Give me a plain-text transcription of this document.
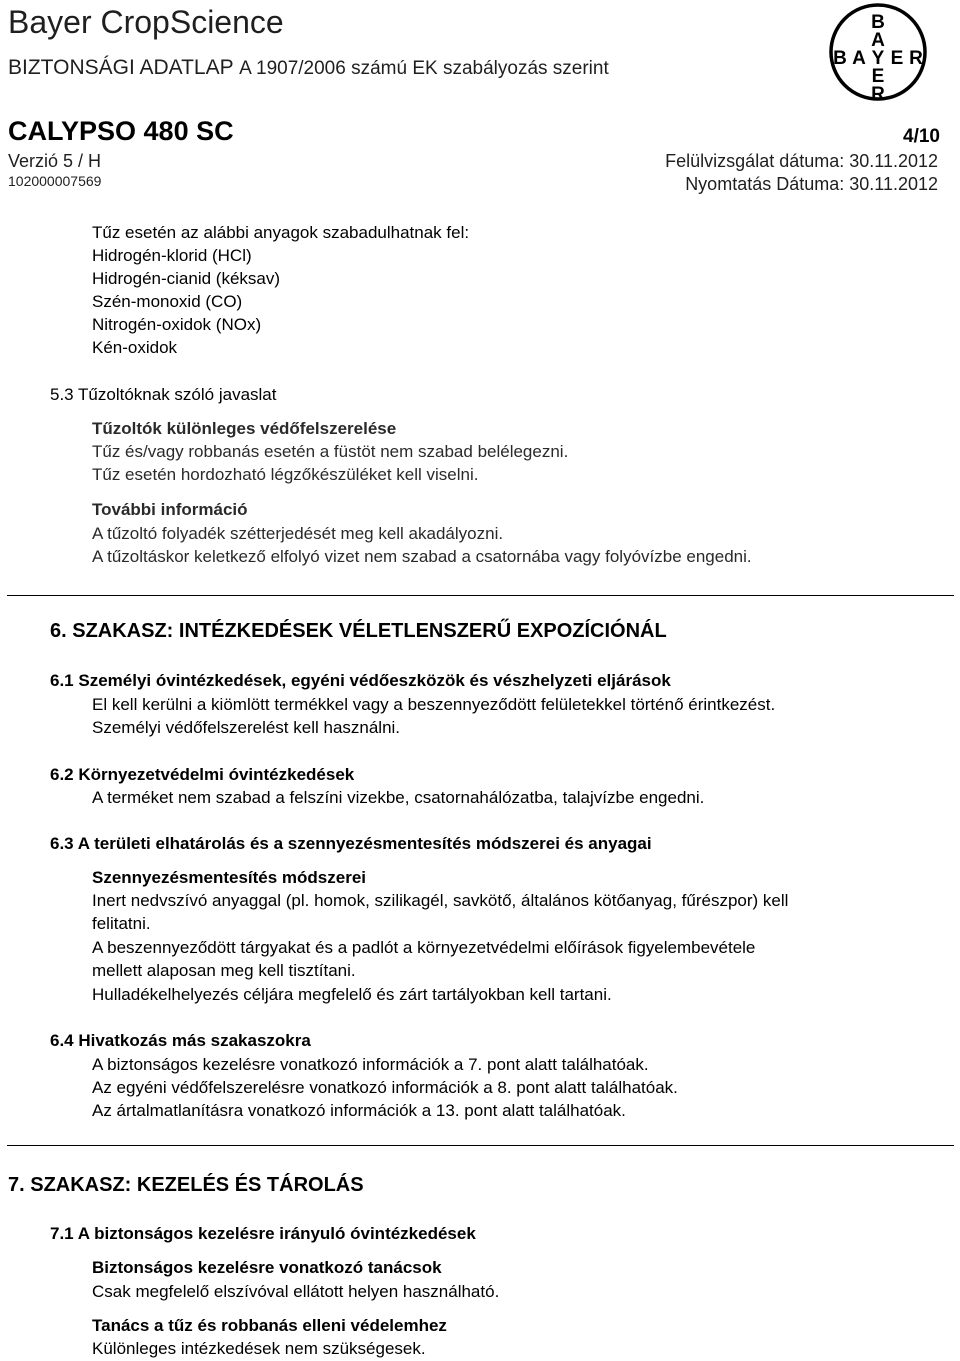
Bayer CropScience
BIZTONSÁGI ADATLAP A 1907/2006 számú EK szabályozás szerint
B
A
Y
E
R
B A E R
CALYPSO 480 SC	4/10
Verzió 5 / H	Felülvizsgálat dátuma: 30.11.2012
102000007569	Nyomtatás Dátuma: 30.11.2012
Tűz esetén az alábbi anyagok szabadulhatnak fel:
Hidrogén-klorid (HCl)
Hidrogén-cianid (kéksav)
Szén-monoxid (CO)
Nitrogén-oxidok (NOx)
Kén-oxidok
5.3 Tűzoltóknak szóló javaslat
Tűzoltók különleges védőfelszerelése
Tűz és/vagy robbanás esetén a füstöt nem szabad belélegezni.
Tűz esetén hordozható légzőkészüléket kell viselni.
További információ
A tűzoltó folyadék szétterjedését meg kell akadályozni.
A tűzoltáskor keletkező elfolyó vizet nem szabad a csatornába vagy folyóvízbe engedni.
6. SZAKASZ: INTÉZKEDÉSEK VÉLETLENSZERŰ EXPOZÍCIÓNÁL
6.1 Személyi óvintézkedések, egyéni védőeszközök és vészhelyzeti eljárások
El kell kerülni a kiömlött termékkel vagy a beszennyeződött felületekkel történő érintkezést.
Személyi védőfelszerelést kell használni.
6.2 Környezetvédelmi óvintézkedések
A terméket nem szabad a felszíni vizekbe, csatornahálózatba, talajvízbe engedni.
6.3 A területi elhatárolás és a szennyezésmentesítés módszerei és anyagai
Szennyezésmentesítés módszerei
Inert nedvszívó anyaggal (pl. homok, szilikagél, savkötő, általános kötőanyag, fűrészpor) kell
felitatni.
A beszennyeződött tárgyakat és a padlót a környezetvédelmi előírások figyelembevétele
mellett alaposan meg kell tisztítani.
Hulladékelhelyezés céljára megfelelő és zárt tartályokban kell tartani.
6.4 Hivatkozás más szakaszokra
A biztonságos kezelésre vonatkozó információk a 7. pont alatt találhatóak.
Az egyéni védőfelszerelésre vonatkozó információk a 8. pont alatt találhatóak.
Az ártalmatlanításra vonatkozó információk a 13. pont alatt találhatóak.
7. SZAKASZ: KEZELÉS ÉS TÁROLÁS
7.1 A biztonságos kezelésre irányuló óvintézkedések
Biztonságos kezelésre vonatkozó tanácsok
Csak megfelelő elszívóval ellátott helyen használható.
Tanács a tűz és robbanás elleni védelemhez
Különleges intézkedések nem szükségesek.
